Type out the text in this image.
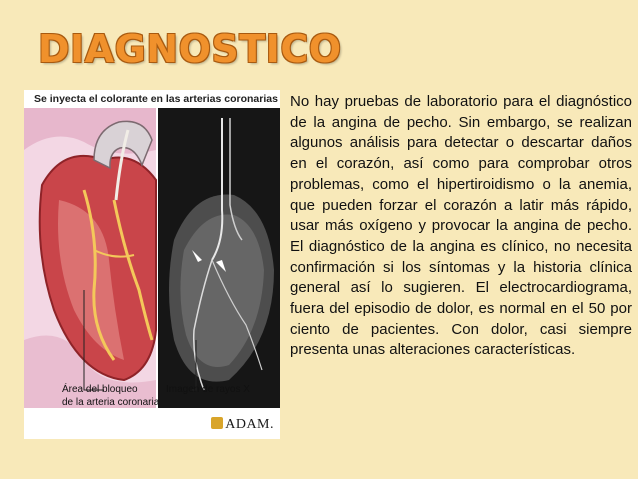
DIAGNOSTICO
Se inyecta el colorante en las arterias coronarias
Área del bloqueo
de la arteria coronaria
Imagen de rayos X
ADAM.

No hay pruebas de laboratorio para el diagnóstico de la angina de pecho. Sin embargo, se realizan algunos análisis para detectar o descartar daños en el corazón, así como para comprobar otros problemas, como el hipertiroidismo o la anemia, que pueden forzar el corazón a latir más rápido, usar más oxígeno y provocar la angina de pecho. El diagnóstico de la angina es clínico, no necesita confirmación si los síntomas y la historia clínica general así lo sugieren. El electrocardiograma, fuera del episodio de dolor, es normal en el 50 por ciento de pacientes. Con dolor, casi siempre presenta unas alteraciones características.
